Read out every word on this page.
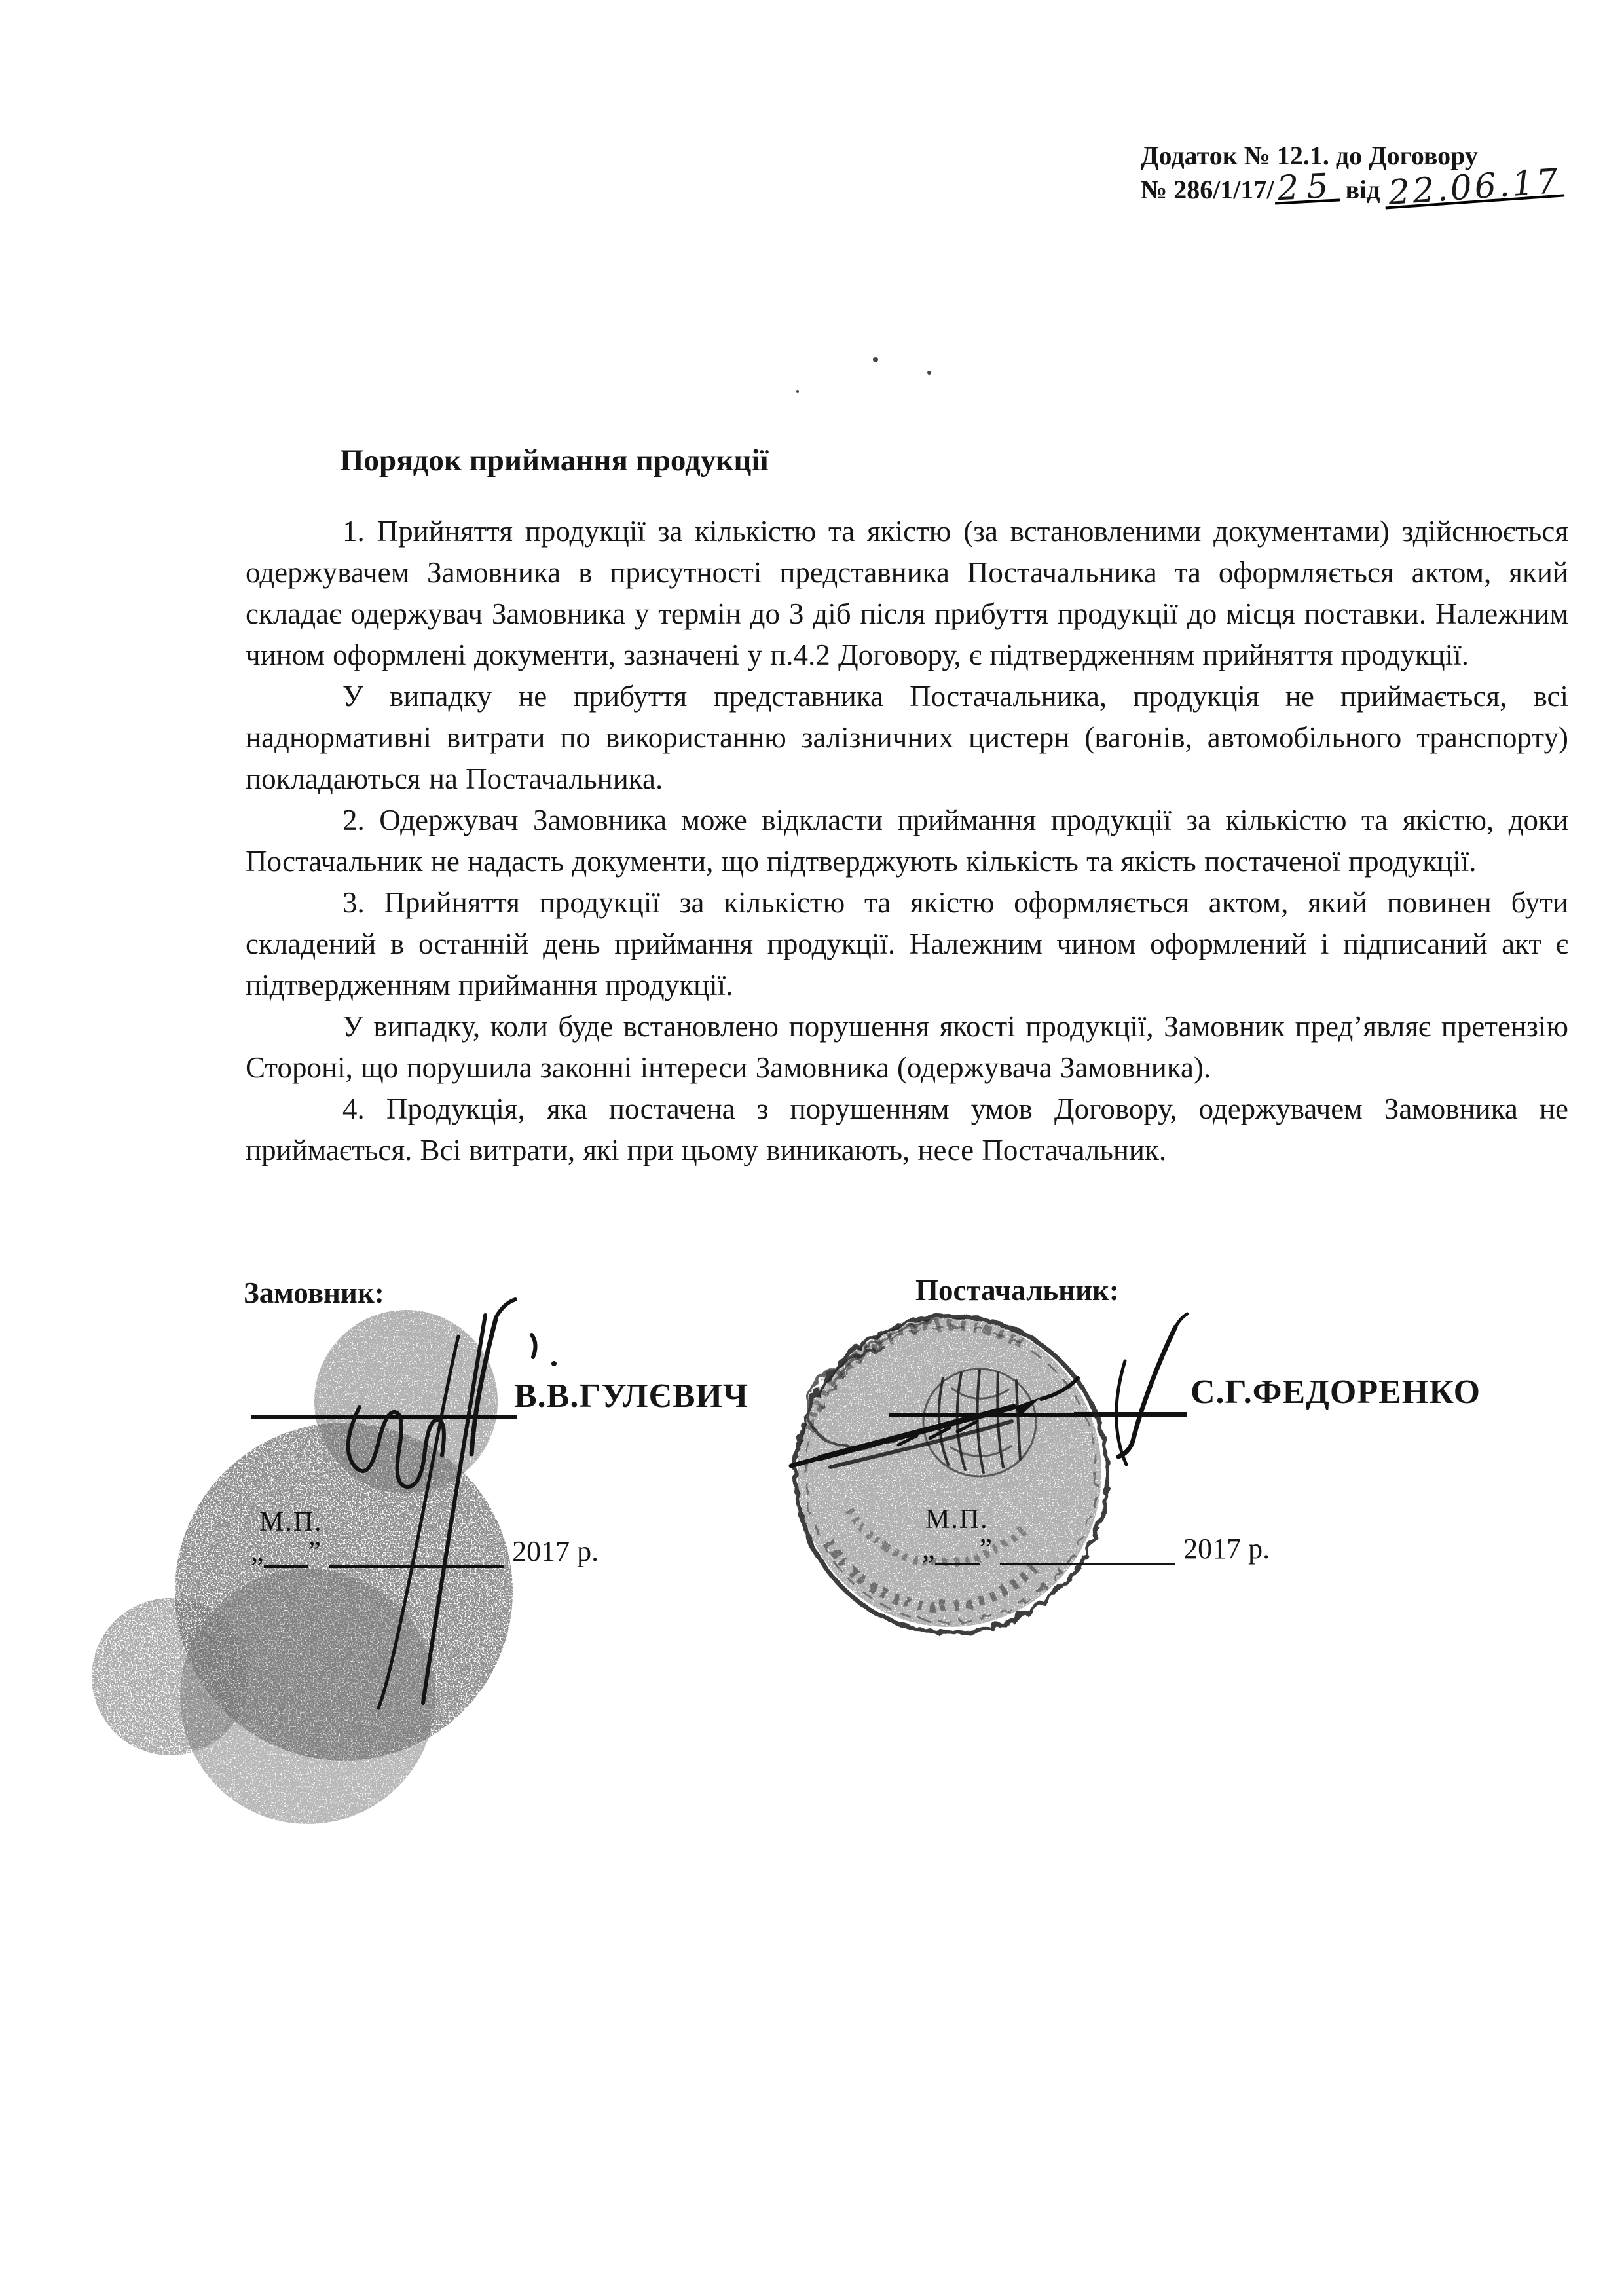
Додаток № 12.1. до Договору
№ 286/1/17/25 від 22.06.17
Порядок приймання продукції

1. Прийняття продукції за кількістю та якістю (за встановленими документами) здійснюється одержувачем Замовника в присутності представника Постачальника та оформляється актом, який складає одержувач Замовника у термін до 3 діб після прибуття продукції до місця поставки. Належним чином оформлені документи, зазначені у п.4.2 Договору, є підтвердженням прийняття продукції.

У випадку не прибуття представника Постачальника, продукція не приймається, всі наднормативні витрати по використанню залізничних цистерн (вагонів, автомобільного транспорту) покладаються на Постачальника.

2. Одержувач Замовника може відкласти приймання продукції за кількістю та якістю, доки Постачальник не надасть документи, що підтверджують кількість та якість постаченої продукції.

3. Прийняття продукції за кількістю та якістю оформляється актом, який повинен бути складений в останній день приймання продукції. Належним чином оформлений і підписаний акт є підтвердженням приймання продукції.

У випадку, коли буде встановлено порушення якості продукції, Замовник пред’являє претензію Стороні, що порушила законні інтереси Замовника (одержувача Замовника).

4. Продукція, яка постачена з порушенням умов Договору, одержувачем Замовника не приймається. Всі витрати, які при цьому виникають, несе Постачальник.

Замовник:	Постачальник:
В.В.ГУЛЄВИЧ	С.Г.ФЕДОРЕНКО
М.П.	М.П.
„ ”	2017 р.	„ ”	2017 р.
